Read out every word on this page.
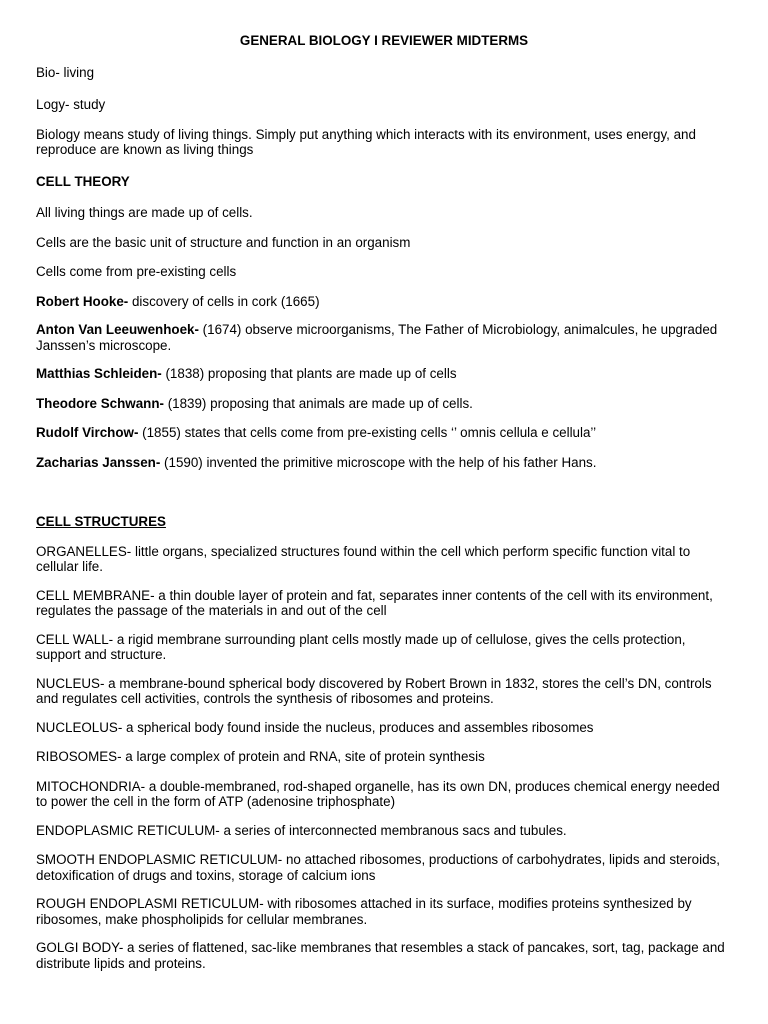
GENERAL BIOLOGY I REVIEWER MIDTERMS

Bio- living

Logy- study

Biology means study of living things. Simply put anything which interacts with its environment, uses energy, and reproduce are known as living things

CELL THEORY

All living things are made up of cells.

Cells are the basic unit of structure and function in an organism

Cells come from pre-existing cells

Robert Hooke- discovery of cells in cork (1665)

Anton Van Leeuwenhoek- (1674) observe microorganisms, The Father of Microbiology, animalcules, he upgraded Janssen’s microscope.

Matthias Schleiden- (1838) proposing that plants are made up of cells

Theodore Schwann- (1839) proposing that animals are made up of cells.

Rudolf Virchow- (1855) states that cells come from pre-existing cells ‘’ omnis cellula e cellula’’

Zacharias Janssen- (1590) invented the primitive microscope with the help of his father Hans.

CELL STRUCTURES

ORGANELLES- little organs, specialized structures found within the cell which perform specific function vital to cellular life.

CELL MEMBRANE- a thin double layer of protein and fat, separates inner contents of the cell with its environment, regulates the passage of the materials in and out of the cell

CELL WALL- a rigid membrane surrounding plant cells mostly made up of cellulose, gives the cells protection, support and structure.

NUCLEUS- a membrane-bound spherical body discovered by Robert Brown in 1832, stores the cell’s DN, controls and regulates cell activities, controls the synthesis of ribosomes and proteins.

NUCLEOLUS- a spherical body found inside the nucleus, produces and assembles ribosomes

RIBOSOMES- a large complex of protein and RNA, site of protein synthesis

MITOCHONDRIA- a double-membraned, rod-shaped organelle, has its own DN, produces chemical energy needed to power the cell in the form of ATP (adenosine triphosphate)

ENDOPLASMIC RETICULUM- a series of interconnected membranous sacs and tubules.

SMOOTH ENDOPLASMIC RETICULUM- no attached ribosomes, productions of carbohydrates, lipids and steroids, detoxification of drugs and toxins, storage of calcium ions

ROUGH ENDOPLASMI RETICULUM- with ribosomes attached in its surface, modifies proteins synthesized by ribosomes, make phospholipids for cellular membranes.

GOLGI BODY- a series of flattened, sac-like membranes that resembles a stack of pancakes, sort, tag, package and distribute lipids and proteins.
